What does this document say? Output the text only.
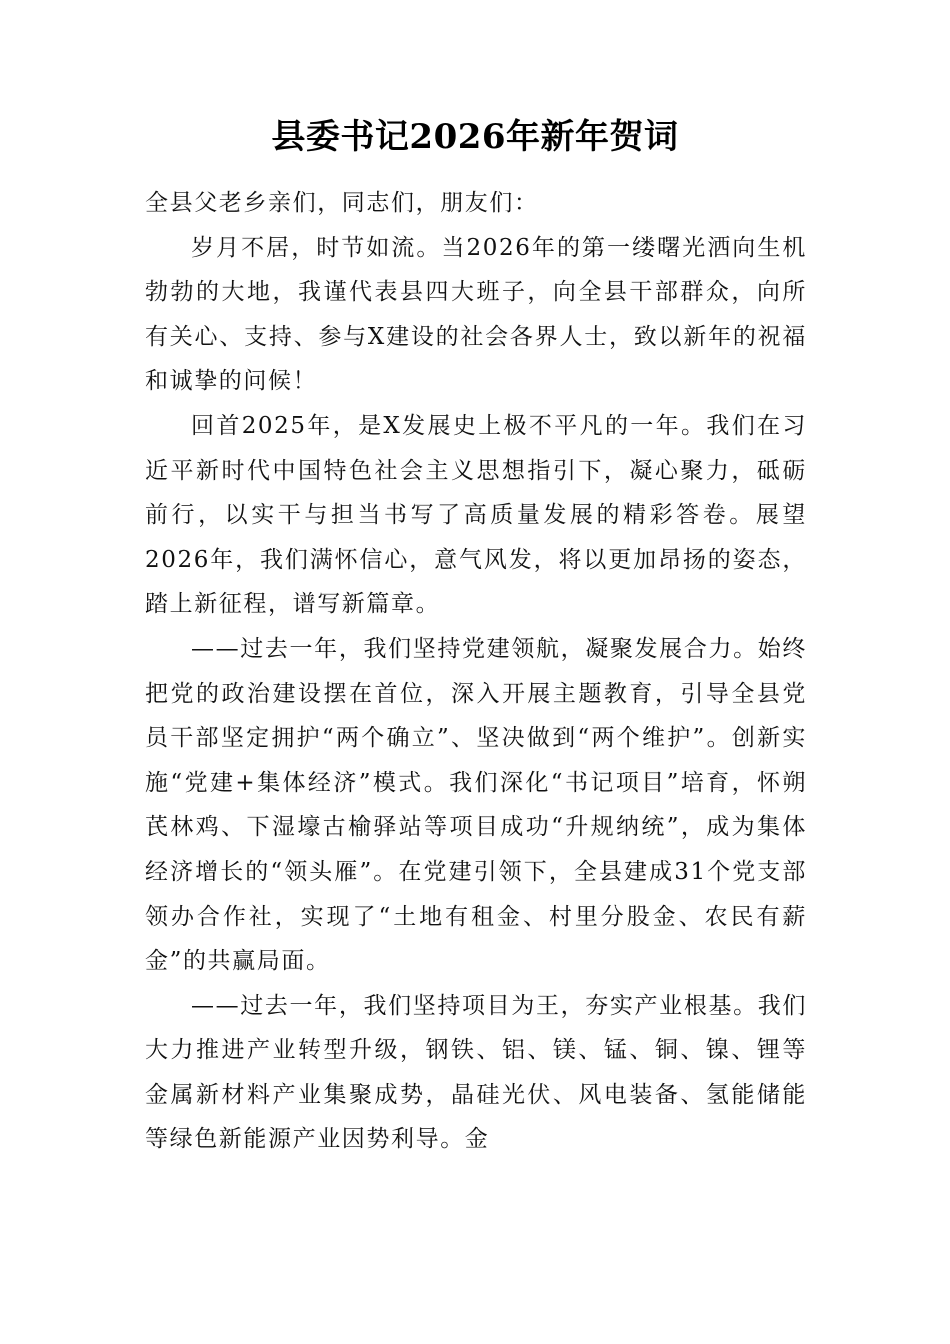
县委书记2026年新年贺词

全县父老乡亲们，同志们，朋友们：

岁月不居，时节如流。当2026年的第一缕曙光洒向生机勃勃的大地，我谨代表县四大班子，向全县干部群众，向所有关心、支持、参与X建设的社会各界人士，致以新年的祝福和诚挚的问候！

回首2025年，是X发展史上极不平凡的一年。我们在习近平新时代中国特色社会主义思想指引下，凝心聚力，砥砺前行，以实干与担当书写了高质量发展的精彩答卷。展望2026年，我们满怀信心，意气风发，将以更加昂扬的姿态，踏上新征程，谱写新篇章。

——过去一年，我们坚持党建领航，凝聚发展合力。始终把党的政治建设摆在首位，深入开展主题教育，引导全县党员干部坚定拥护“两个确立”、坚决做到“两个维护”。创新实施“党建+集体经济”模式。我们深化“书记项目”培育，怀朔芪林鸡、下湿壕古榆驿站等项目成功“升规纳统”，成为集体经济增长的“领头雁”。在党建引领下，全县建成31个党支部领办合作社，实现了“土地有租金、村里分股金、农民有薪金”的共赢局面。

——过去一年，我们坚持项目为王，夯实产业根基。我们大力推进产业转型升级，钢铁、铝、镁、锰、铜、镍、锂等金属新材料产业集聚成势，晶硅光伏、风电装备、氢能储能等绿色新能源产业因势利导。金
